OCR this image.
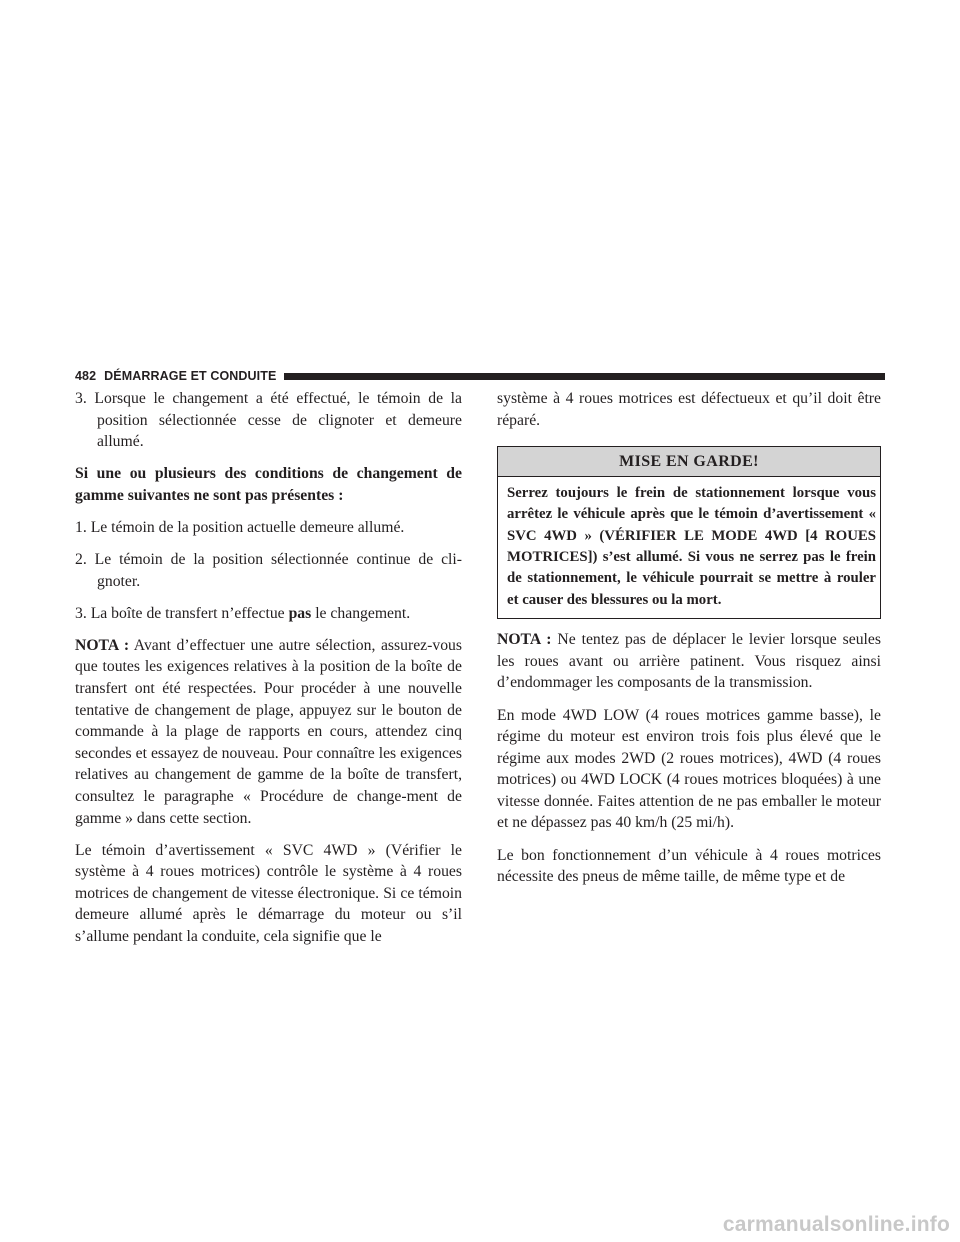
482 DÉMARRAGE ET CONDUITE

3. Lorsque le changement a été effectué, le témoin de la position sélectionnée cesse de clignoter et demeure allumé.

Si une ou plusieurs des conditions de changement de gamme suivantes ne sont pas présentes :

1. Le témoin de la position actuelle demeure allumé.

2. Le témoin de la position sélectionnée continue de cli-gnoter.

3. La boîte de transfert n’effectue pas le changement.

NOTA : Avant d’effectuer une autre sélection, assurez-vous que toutes les exigences relatives à la position de la boîte de transfert ont été respectées. Pour procéder à une nouvelle tentative de changement de plage, appuyez sur le bouton de commande à la plage de rapports en cours, attendez cinq secondes et essayez de nouveau. Pour connaître les exigences relatives au changement de gamme de la boîte de transfert, consultez le paragraphe « Procédure de change-ment de gamme » dans cette section.

Le témoin d’avertissement « SVC 4WD » (Vérifier le système à 4 roues motrices) contrôle le système à 4 roues motrices de changement de vitesse électronique. Si ce témoin demeure allumé après le démarrage du moteur ou s’il s’allume pendant la conduite, cela signifie que le

système à 4 roues motrices est défectueux et qu’il doit être réparé.

MISE EN GARDE!
Serrez toujours le frein de stationnement lorsque vous arrêtez le véhicule après que le témoin d’avertissement « SVC 4WD » (VÉRIFIER LE MODE 4WD [4 ROUES MOTRICES]) s’est allumé. Si vous ne serrez pas le frein de stationnement, le véhicule pourrait se mettre à rouler et causer des blessures ou la mort.

NOTA : Ne tentez pas de déplacer le levier lorsque seules les roues avant ou arrière patinent. Vous risquez ainsi d’endommager les composants de la transmission.

En mode 4WD LOW (4 roues motrices gamme basse), le régime du moteur est environ trois fois plus élevé que le régime aux modes 2WD (2 roues motrices), 4WD (4 roues motrices) ou 4WD LOCK (4 roues motrices bloquées) à une vitesse donnée. Faites attention de ne pas emballer le moteur et ne dépassez pas 40 km/h (25 mi/h).

Le bon fonctionnement d’un véhicule à 4 roues motrices nécessite des pneus de même taille, de même type et de

carmanualsonline.info
